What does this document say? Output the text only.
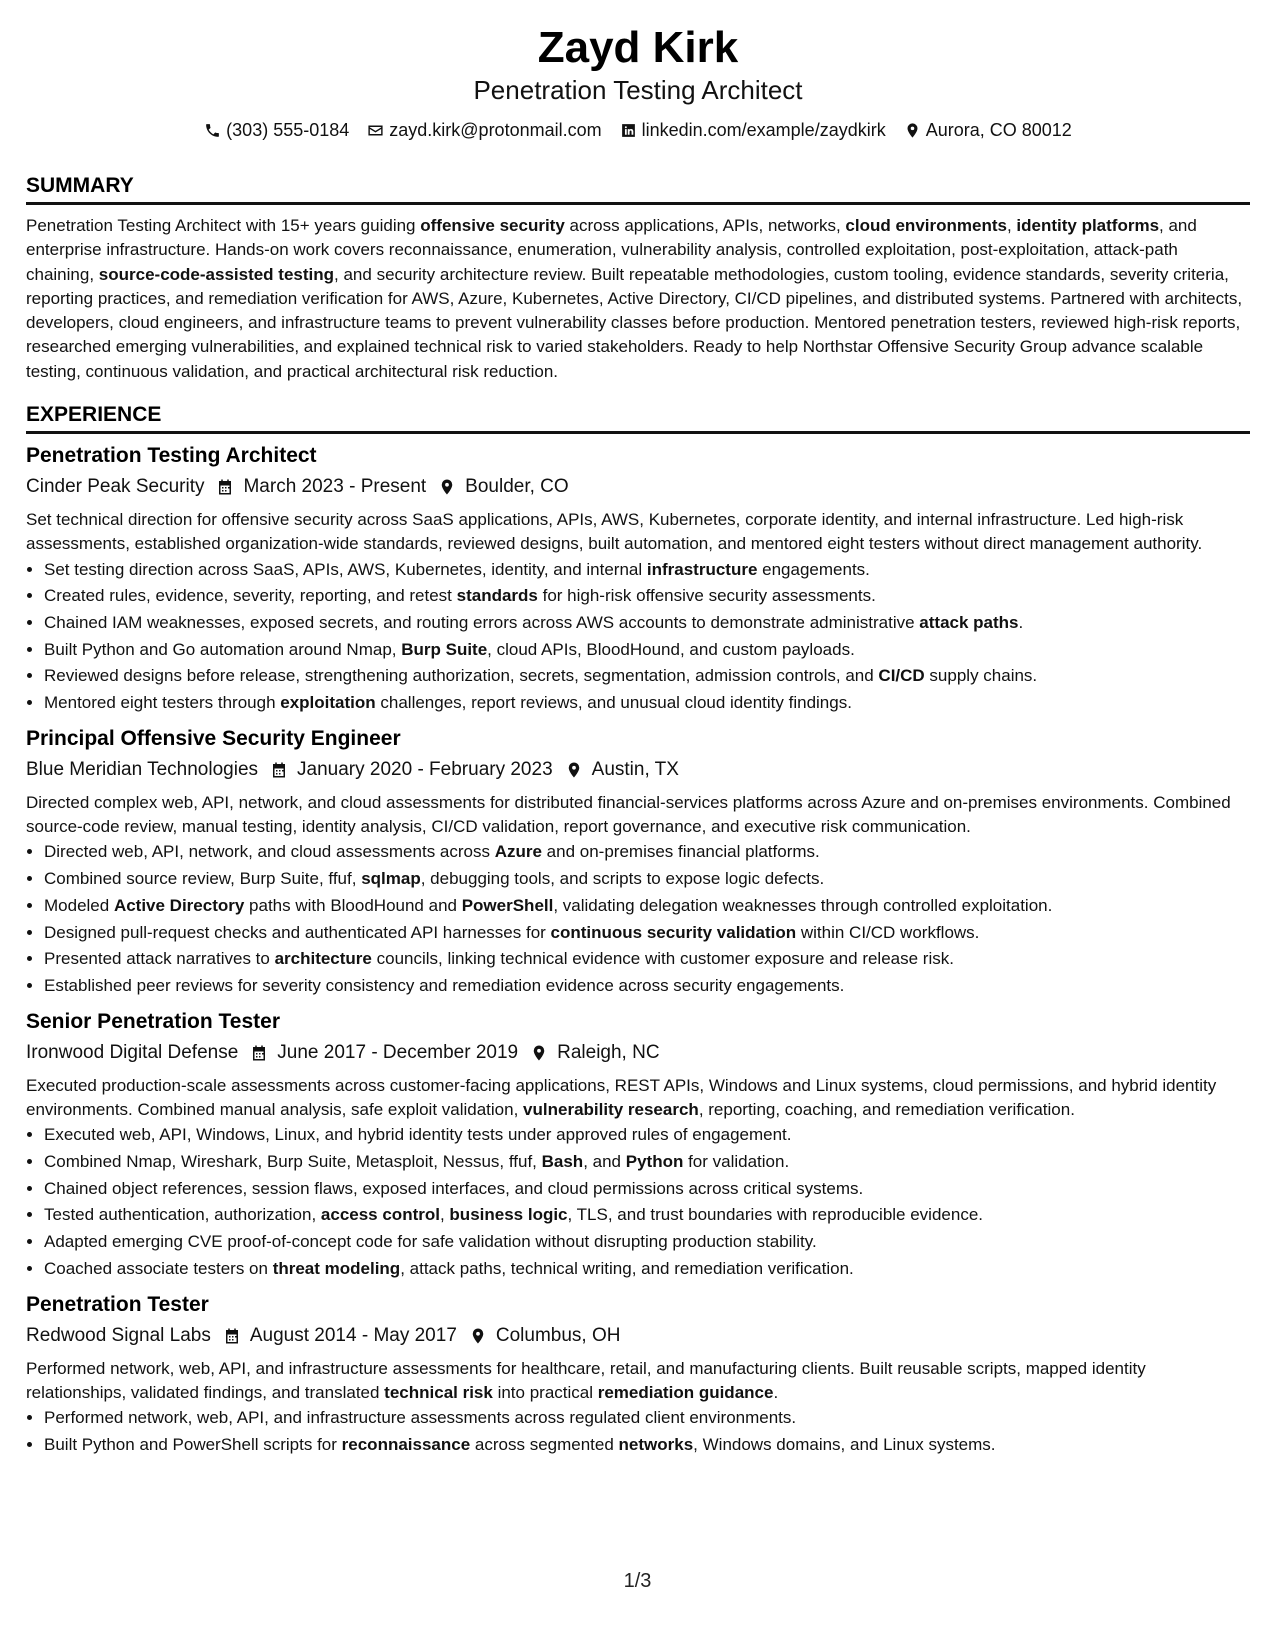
Zayd Kirk
Penetration Testing Architect
(303) 555-0184 zayd.kirk@protonmail.com linkedin.com/example/zaydkirk Aurora, CO 80012
SUMMARY
Penetration Testing Architect with 15+ years guiding offensive security across applications, APIs, networks, cloud environments, identity platforms, and enterprise infrastructure. Hands-on work covers reconnaissance, enumeration, vulnerability analysis, controlled exploitation, post-exploitation, attack-path chaining, source-code-assisted testing, and security architecture review. Built repeatable methodologies, custom tooling, evidence standards, severity criteria, reporting practices, and remediation verification for AWS, Azure, Kubernetes, Active Directory, CI/CD pipelines, and distributed systems. Partnered with architects, developers, cloud engineers, and infrastructure teams to prevent vulnerability classes before production. Mentored penetration testers, reviewed high-risk reports, researched emerging vulnerabilities, and explained technical risk to varied stakeholders. Ready to help Northstar Offensive Security Group advance scalable testing, continuous validation, and practical architectural risk reduction.
EXPERIENCE
Penetration Testing Architect
Cinder Peak Security March 2023 - Present Boulder, CO
Set technical direction for offensive security across SaaS applications, APIs, AWS, Kubernetes, corporate identity, and internal infrastructure. Led high-risk assessments, established organization-wide standards, reviewed designs, built automation, and mentored eight testers without direct management authority.
• Set testing direction across SaaS, APIs, AWS, Kubernetes, identity, and internal infrastructure engagements.
• Created rules, evidence, severity, reporting, and retest standards for high-risk offensive security assessments.
• Chained IAM weaknesses, exposed secrets, and routing errors across AWS accounts to demonstrate administrative attack paths.
• Built Python and Go automation around Nmap, Burp Suite, cloud APIs, BloodHound, and custom payloads.
• Reviewed designs before release, strengthening authorization, secrets, segmentation, admission controls, and CI/CD supply chains.
• Mentored eight testers through exploitation challenges, report reviews, and unusual cloud identity findings.
Principal Offensive Security Engineer
Blue Meridian Technologies January 2020 - February 2023 Austin, TX
Directed complex web, API, network, and cloud assessments for distributed financial-services platforms across Azure and on-premises environments. Combined source-code review, manual testing, identity analysis, CI/CD validation, report governance, and executive risk communication.
• Directed web, API, network, and cloud assessments across Azure and on-premises financial platforms.
• Combined source review, Burp Suite, ffuf, sqlmap, debugging tools, and scripts to expose logic defects.
• Modeled Active Directory paths with BloodHound and PowerShell, validating delegation weaknesses through controlled exploitation.
• Designed pull-request checks and authenticated API harnesses for continuous security validation within CI/CD workflows.
• Presented attack narratives to architecture councils, linking technical evidence with customer exposure and release risk.
• Established peer reviews for severity consistency and remediation evidence across security engagements.
Senior Penetration Tester
Ironwood Digital Defense June 2017 - December 2019 Raleigh, NC
Executed production-scale assessments across customer-facing applications, REST APIs, Windows and Linux systems, cloud permissions, and hybrid identity environments. Combined manual analysis, safe exploit validation, vulnerability research, reporting, coaching, and remediation verification.
• Executed web, API, Windows, Linux, and hybrid identity tests under approved rules of engagement.
• Combined Nmap, Wireshark, Burp Suite, Metasploit, Nessus, ffuf, Bash, and Python for validation.
• Chained object references, session flaws, exposed interfaces, and cloud permissions across critical systems.
• Tested authentication, authorization, access control, business logic, TLS, and trust boundaries with reproducible evidence.
• Adapted emerging CVE proof-of-concept code for safe validation without disrupting production stability.
• Coached associate testers on threat modeling, attack paths, technical writing, and remediation verification.
Penetration Tester
Redwood Signal Labs August 2014 - May 2017 Columbus, OH
Performed network, web, API, and infrastructure assessments for healthcare, retail, and manufacturing clients. Built reusable scripts, mapped identity relationships, validated findings, and translated technical risk into practical remediation guidance.
• Performed network, web, API, and infrastructure assessments across regulated client environments.
• Built Python and PowerShell scripts for reconnaissance across segmented networks, Windows domains, and Linux systems.
1/3
